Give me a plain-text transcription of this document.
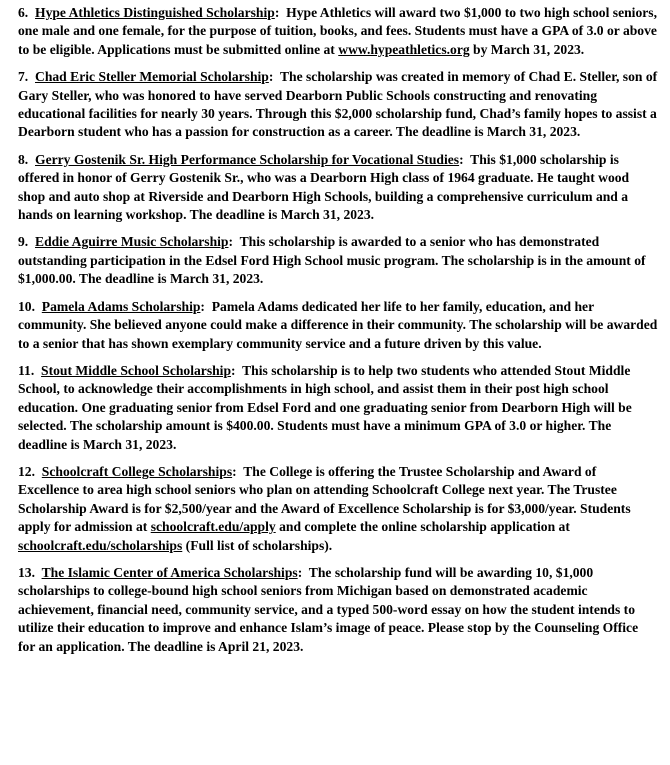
6. Hype Athletics Distinguished Scholarship:  Hype Athletics will award two $1,000 to two high school seniors, one male and one female, for the purpose of tuition, books, and fees. Students must have a GPA of 3.0 or above to be eligible. Applications must be submitted online at www.hypeathletics.org by March 31, 2023.

7. Chad Eric Steller Memorial Scholarship:  The scholarship was created in memory of Chad E. Steller, son of Gary Steller, who was honored to have served Dearborn Public Schools constructing and renovating educational facilities for nearly 30 years. Through this $2,000 scholarship fund, Chad’s family hopes to assist a Dearborn student who has a passion for construction as a career. The deadline is March 31, 2023.

8. Gerry Gostenik Sr. High Performance Scholarship for Vocational Studies:  This $1,000 scholarship is offered in honor of Gerry Gostenik Sr., who was a Dearborn High class of 1964 graduate. He taught wood shop and auto shop at Riverside and Dearborn High Schools, building a comprehensive curriculum and a hands on learning workshop. The deadline is March 31, 2023.

9. Eddie Aguirre Music Scholarship:  This scholarship is awarded to a senior who has demonstrated outstanding participation in the Edsel Ford High School music program. The scholarship is in the amount of $1,000.00. The deadline is March 31, 2023.

10. Pamela Adams Scholarship:  Pamela Adams dedicated her life to her family, education, and her community. She believed anyone could make a difference in their community. The scholarship will be awarded to a senior that has shown exemplary community service and a future driven by this value.

11. Stout Middle School Scholarship:  This scholarship is to help two students who attended Stout Middle School, to acknowledge their accomplishments in high school, and assist them in their post high school education. One graduating senior from Edsel Ford and one graduating senior from Dearborn High will be selected. The scholarship amount is $400.00. Students must have a minimum GPA of 3.0 or higher. The deadline is March 31, 2023.

12. Schoolcraft College Scholarships:  The College is offering the Trustee Scholarship and Award of Excellence to area high school seniors who plan on attending Schoolcraft College next year. The Trustee Scholarship Award is for $2,500/year and the Award of Excellence Scholarship is for $3,000/year. Students apply for admission at schoolcraft.edu/apply and complete the online scholarship application at schoolcraft.edu/scholarships (Full list of scholarships).

13. The Islamic Center of America Scholarships:  The scholarship fund will be awarding 10, $1,000 scholarships to college-bound high school seniors from Michigan based on demonstrated academic achievement, financial need, community service, and a typed 500-word essay on how the student intends to utilize their education to improve and enhance Islam’s image of peace. Please stop by the Counseling Office for an application. The deadline is April 21, 2023.
